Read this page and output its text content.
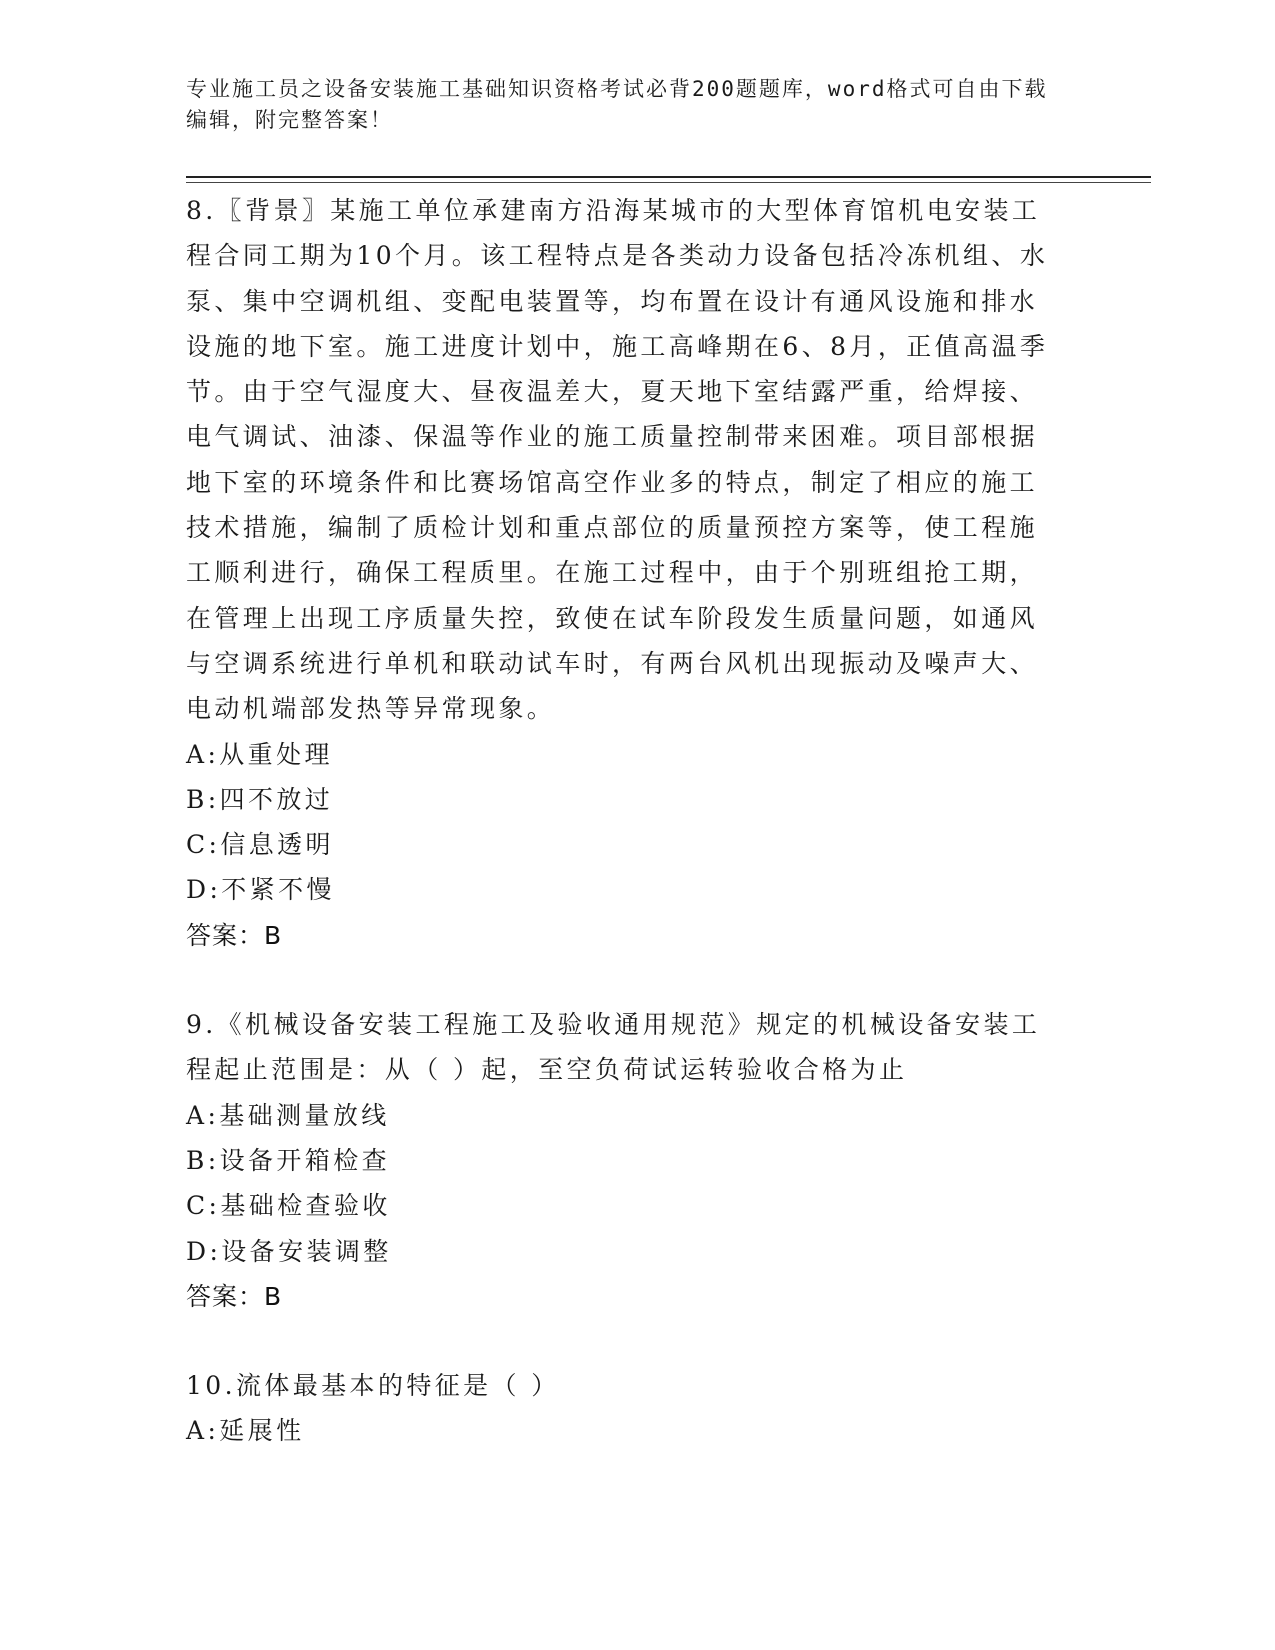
专业施工员之设备安装施工基础知识资格考试必背200题题库，word格式可自由下载编辑，附完整答案！

8.〖背景〗某施工单位承建南方沿海某城市的大型体育馆机电安装工程合同工期为10个月。该工程特点是各类动力设备包括冷冻机组、水泵、集中空调机组、变配电装置等，均布置在设计有通风设施和排水设施的地下室。施工进度计划中，施工高峰期在6、8月，正值高温季节。由于空气湿度大、昼夜温差大，夏天地下室结露严重，给焊接、电气调试、油漆、保温等作业的施工质量控制带来困难。项目部根据地下室的环境条件和比赛场馆高空作业多的特点，制定了相应的施工技术措施，编制了质检计划和重点部位的质量预控方案等，使工程施工顺利进行，确保工程质里。在施工过程中，由于个别班组抢工期，在管理上出现工序质量失控，致使在试车阶段发生质量问题，如通风与空调系统进行单机和联动试车时，有两台风机出现振动及噪声大、电动机端部发热等异常现象。

A:从重处理

B:四不放过

C:信息透明

D:不紧不慢

答案：B

9.《机械设备安装工程施工及验收通用规范》规定的机械设备安装工程起止范围是：从（ ）起，至空负荷试运转验收合格为止

A:基础测量放线

B:设备开箱检查

C:基础检查验收

D:设备安装调整

答案：B

10.流体最基本的特征是（ ）

A:延展性
